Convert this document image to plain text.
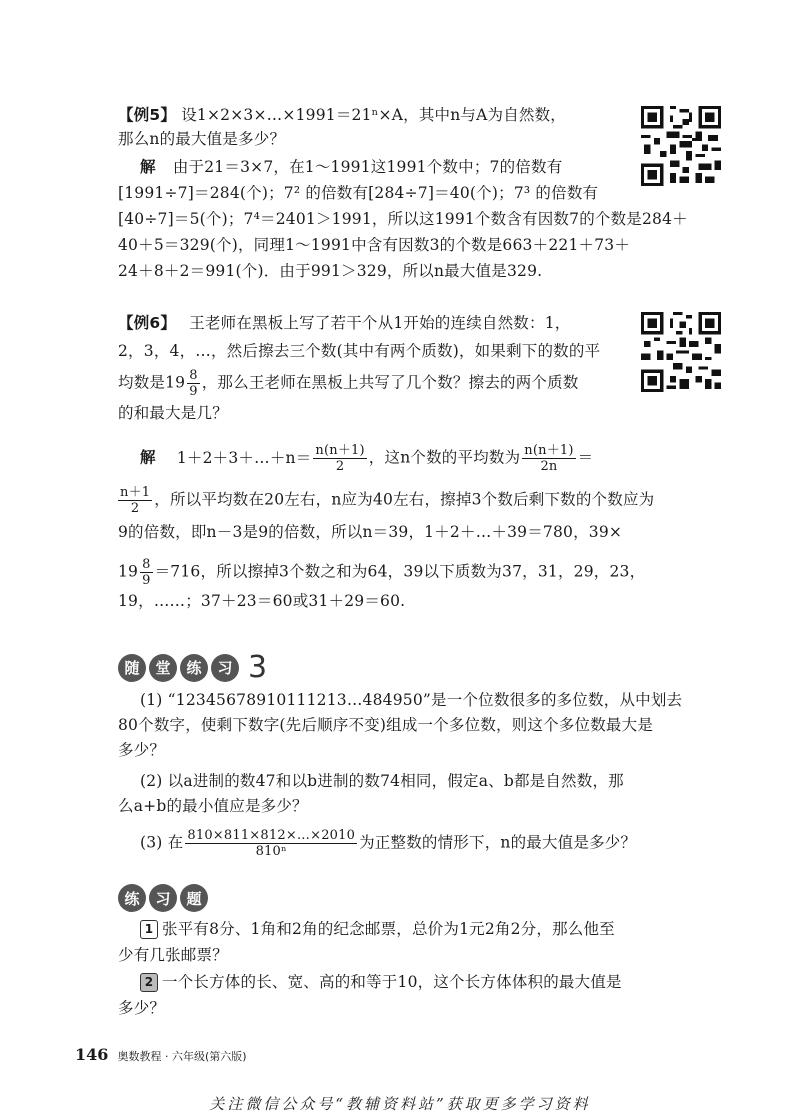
【例5】 设1×2×3×…×1991＝21ⁿ×A，其中n与A为自然数，
那么n的最大值是多少？
解 由于21＝3×7，在1～1991这1991个数中；7的倍数有
[1991÷7]＝284(个)；7² 的倍数有[284÷7]＝40(个)；7³ 的倍数有
[40÷7]＝5(个)；7⁴＝2401＞1991，所以这1991个数含有因数7的个数是284＋
40＋5＝329(个)，同理1～1991中含有因数3的个数是663＋221＋73＋
24＋8＋2＝991(个)．由于991＞329，所以n最大值是329.
【例6】 王老师在黑板上写了若干个从1开始的连续自然数：1，
2，3，4，…，然后擦去三个数(其中有两个质数)，如果剩下的数的平
均数是$19 \frac{8}{9}$ ，那么王老师在黑板上共写了几个数？擦去的两个质数
的和最大是几？
解 1＋2＋3＋…＋n＝ $\frac{n(n+1)}{2}$ ，这n个数的平均数为 $\frac{n(n+1)}{2n}$ ＝
$\frac{n+1}{2}$ ，所以平均数在20左右，n应为40左右，擦掉3个数后剩下数的个数应为
9的倍数，即n－3是9的倍数，所以n＝39，1＋2＋…＋39＝780，39×
$19 \frac{8}{9} =716$，所以擦掉3个数之和为64，39以下质数为37，31，29，23，
19，……；37＋23＝60或31＋29＝60.
随	堂	练	习 3
(1) “12345678910111213…484950”是一个位数很多的多位数，从中划去
80个数字，使剩下数字(先后顺序不变)组成一个多位数，则这个多位数最大是
多少？
(2) 以a进制的数47和以b进制的数74相同，假定a、b都是自然数，那
么a+b的最小值应是多少？
(3) 在 $\frac{810\times 811\times 812\times\dots\times 2010}{\text{810ⁿ}}$ 为正整数的情形下，n的最大值是多少？
练	习	题
1 张平有8分、1角和2角的纪念邮票，总价为1元2角2分，那么他至
少有几张邮票？
2 一个长方体的长、宽、高的和等于10，这个长方体体积的最大值是
多少？
146 奥数教程 · 六年级(第六版)
关注微信公众号“教辅资料站”获取更多学习资料
